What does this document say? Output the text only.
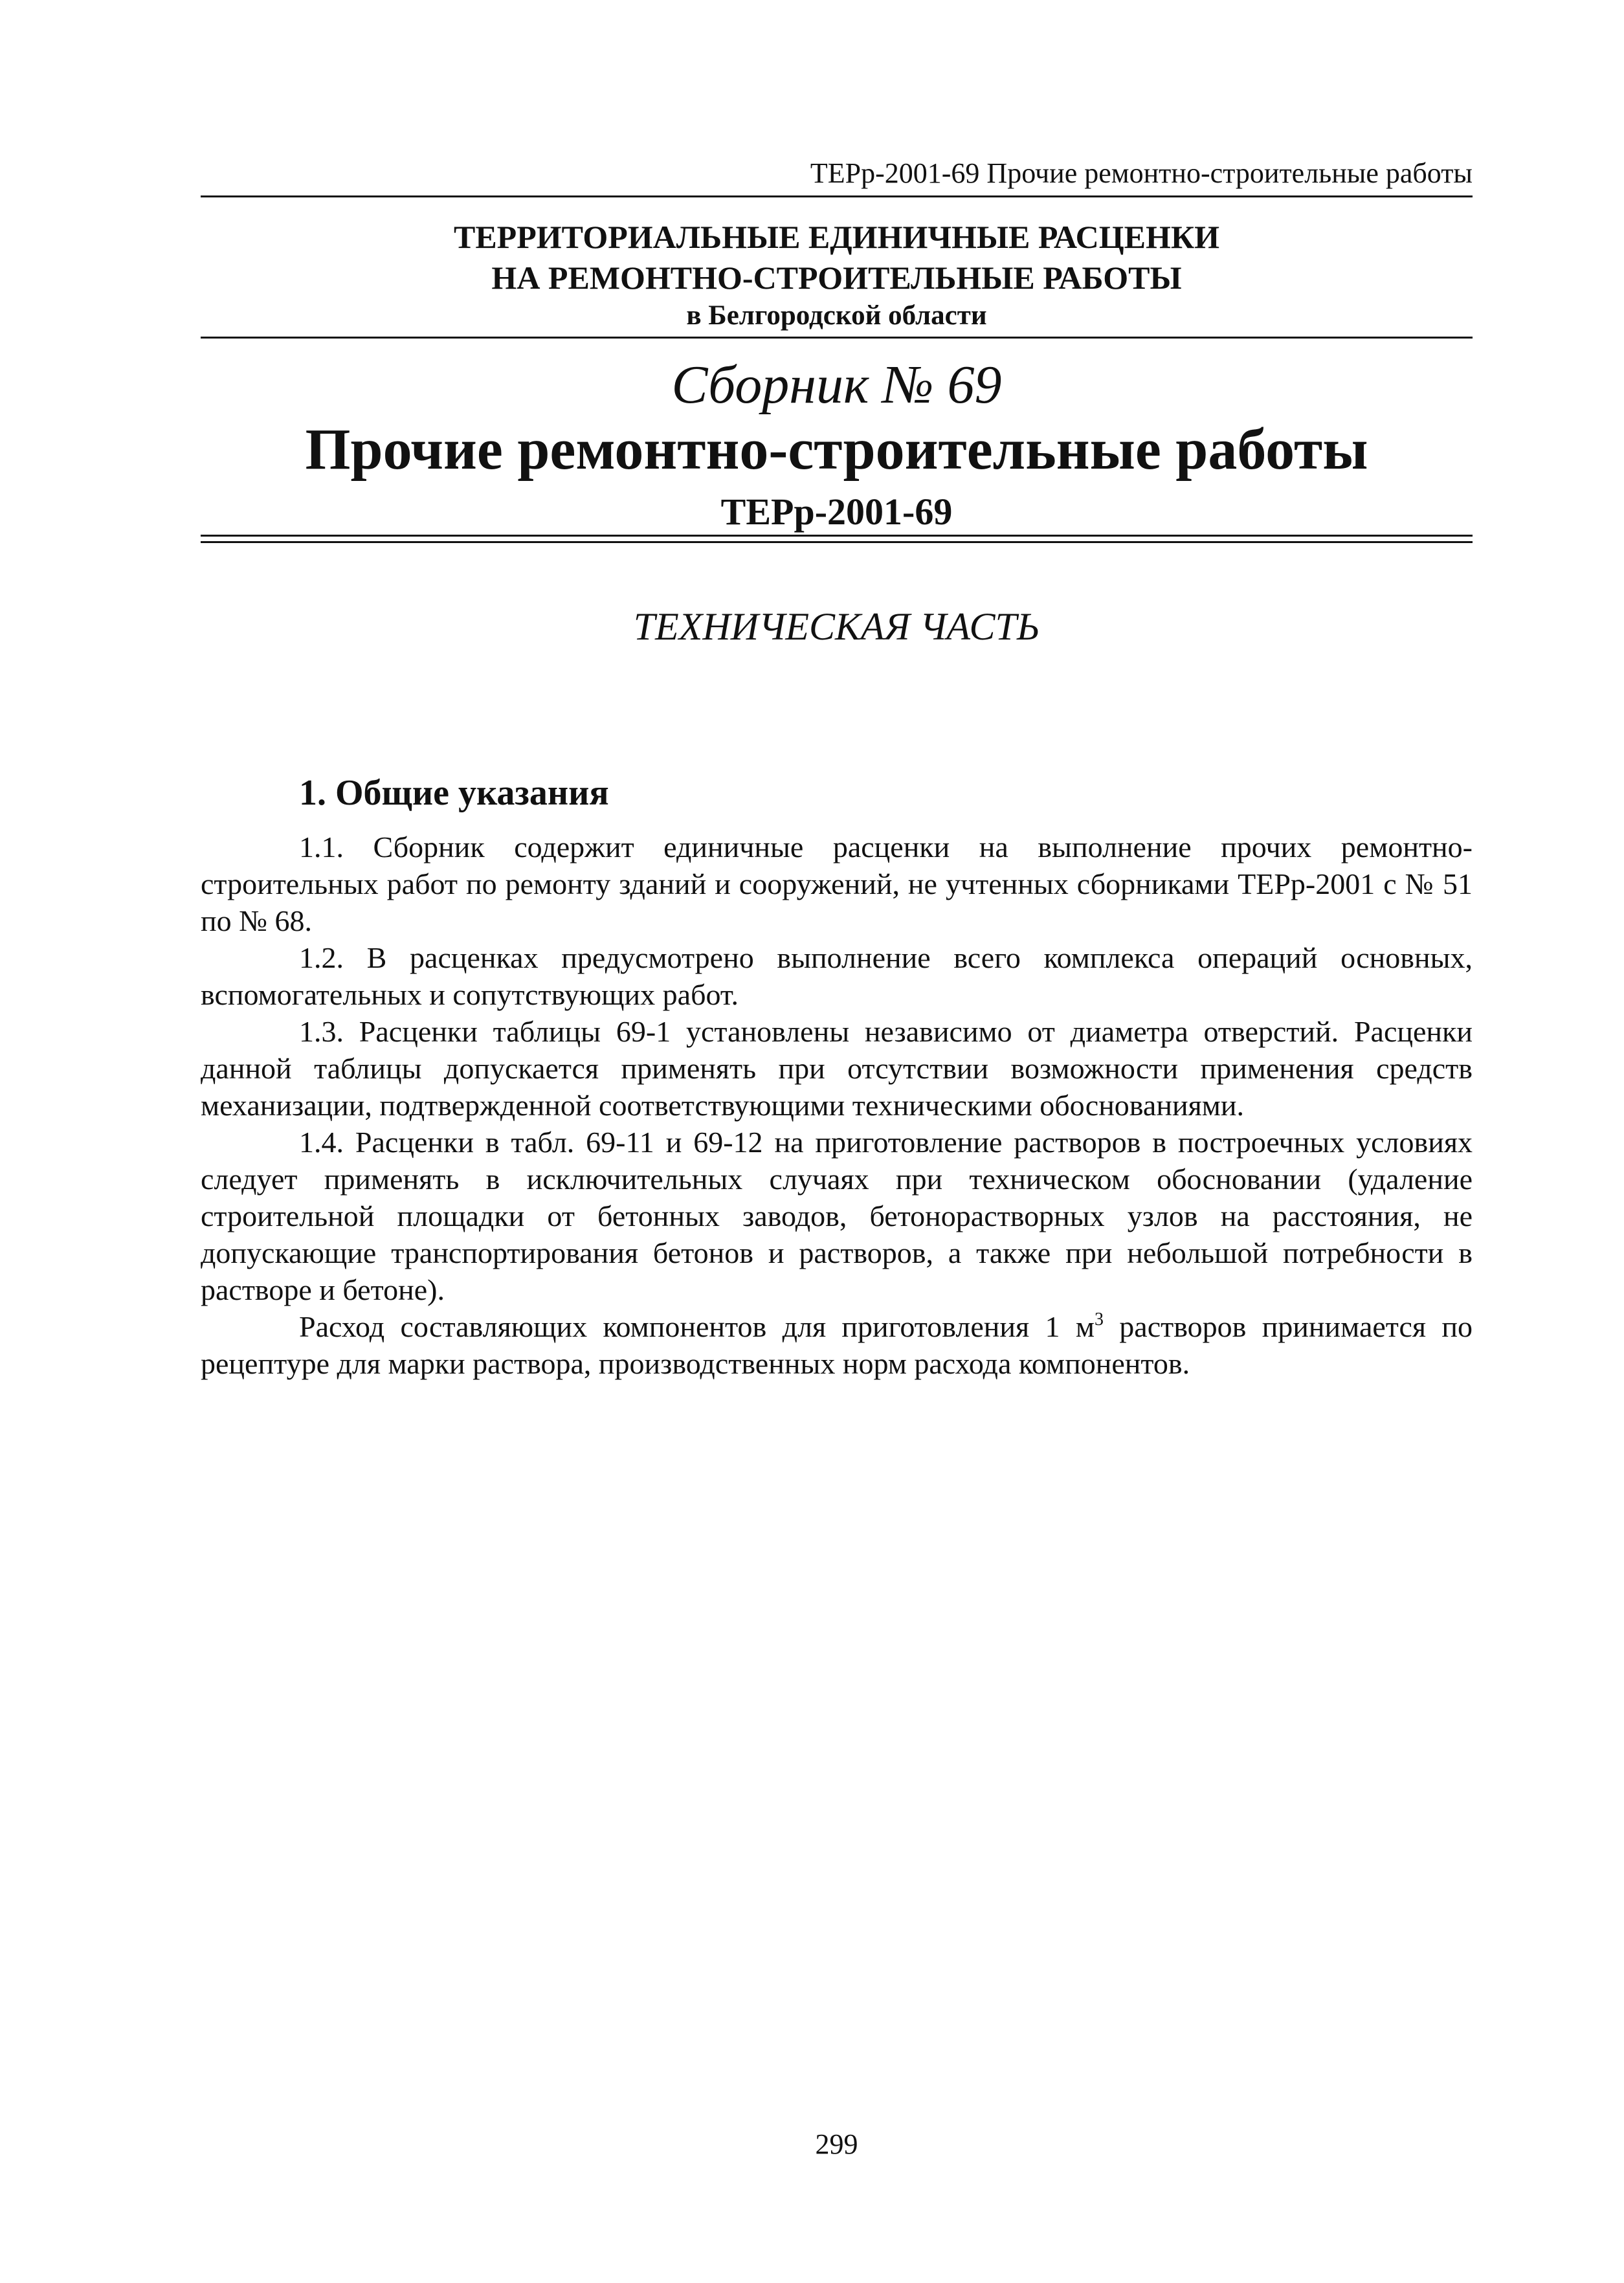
ТЕРр-2001-69 Прочие ремонтно-строительные работы
ТЕРРИТОРИАЛЬНЫЕ ЕДИНИЧНЫЕ РАСЦЕНКИ
НА РЕМОНТНО-СТРОИТЕЛЬНЫЕ РАБОТЫ
в Белгородской области
Сборник № 69
Прочие ремонтно-строительные работы
ТЕРр-2001-69
ТЕХНИЧЕСКАЯ ЧАСТЬ
1. Общие указания

1.1. Сборник содержит единичные расценки на выполнение прочих ремонтно-строительных работ по ремонту зданий и сооружений, не учтенных сборниками ТЕРр-2001 с № 51 по № 68.

1.2. В расценках предусмотрено выполнение всего комплекса операций основных, вспомогательных и сопутствующих работ.

1.3. Расценки таблицы 69-1 установлены независимо от диаметра отверстий. Расценки данной таблицы допускается применять при отсутствии возможности применения средств механизации, подтвержденной соответствующими техническими обоснованиями.

1.4. Расценки в табл. 69-11 и 69-12 на приготовление растворов в построечных условиях следует применять в исключительных случаях при техническом обосновании (удаление строительной площадки от бетонных заводов, бетонорастворных узлов на расстояния, не допускающие транспортирования бетонов и растворов, а также при небольшой потребности в растворе и бетоне).

Расход составляющих компонентов для приготовления 1 $м^3$ растворов принимается по рецептуре для марки раствора, производственных норм расхода компонентов.

299
